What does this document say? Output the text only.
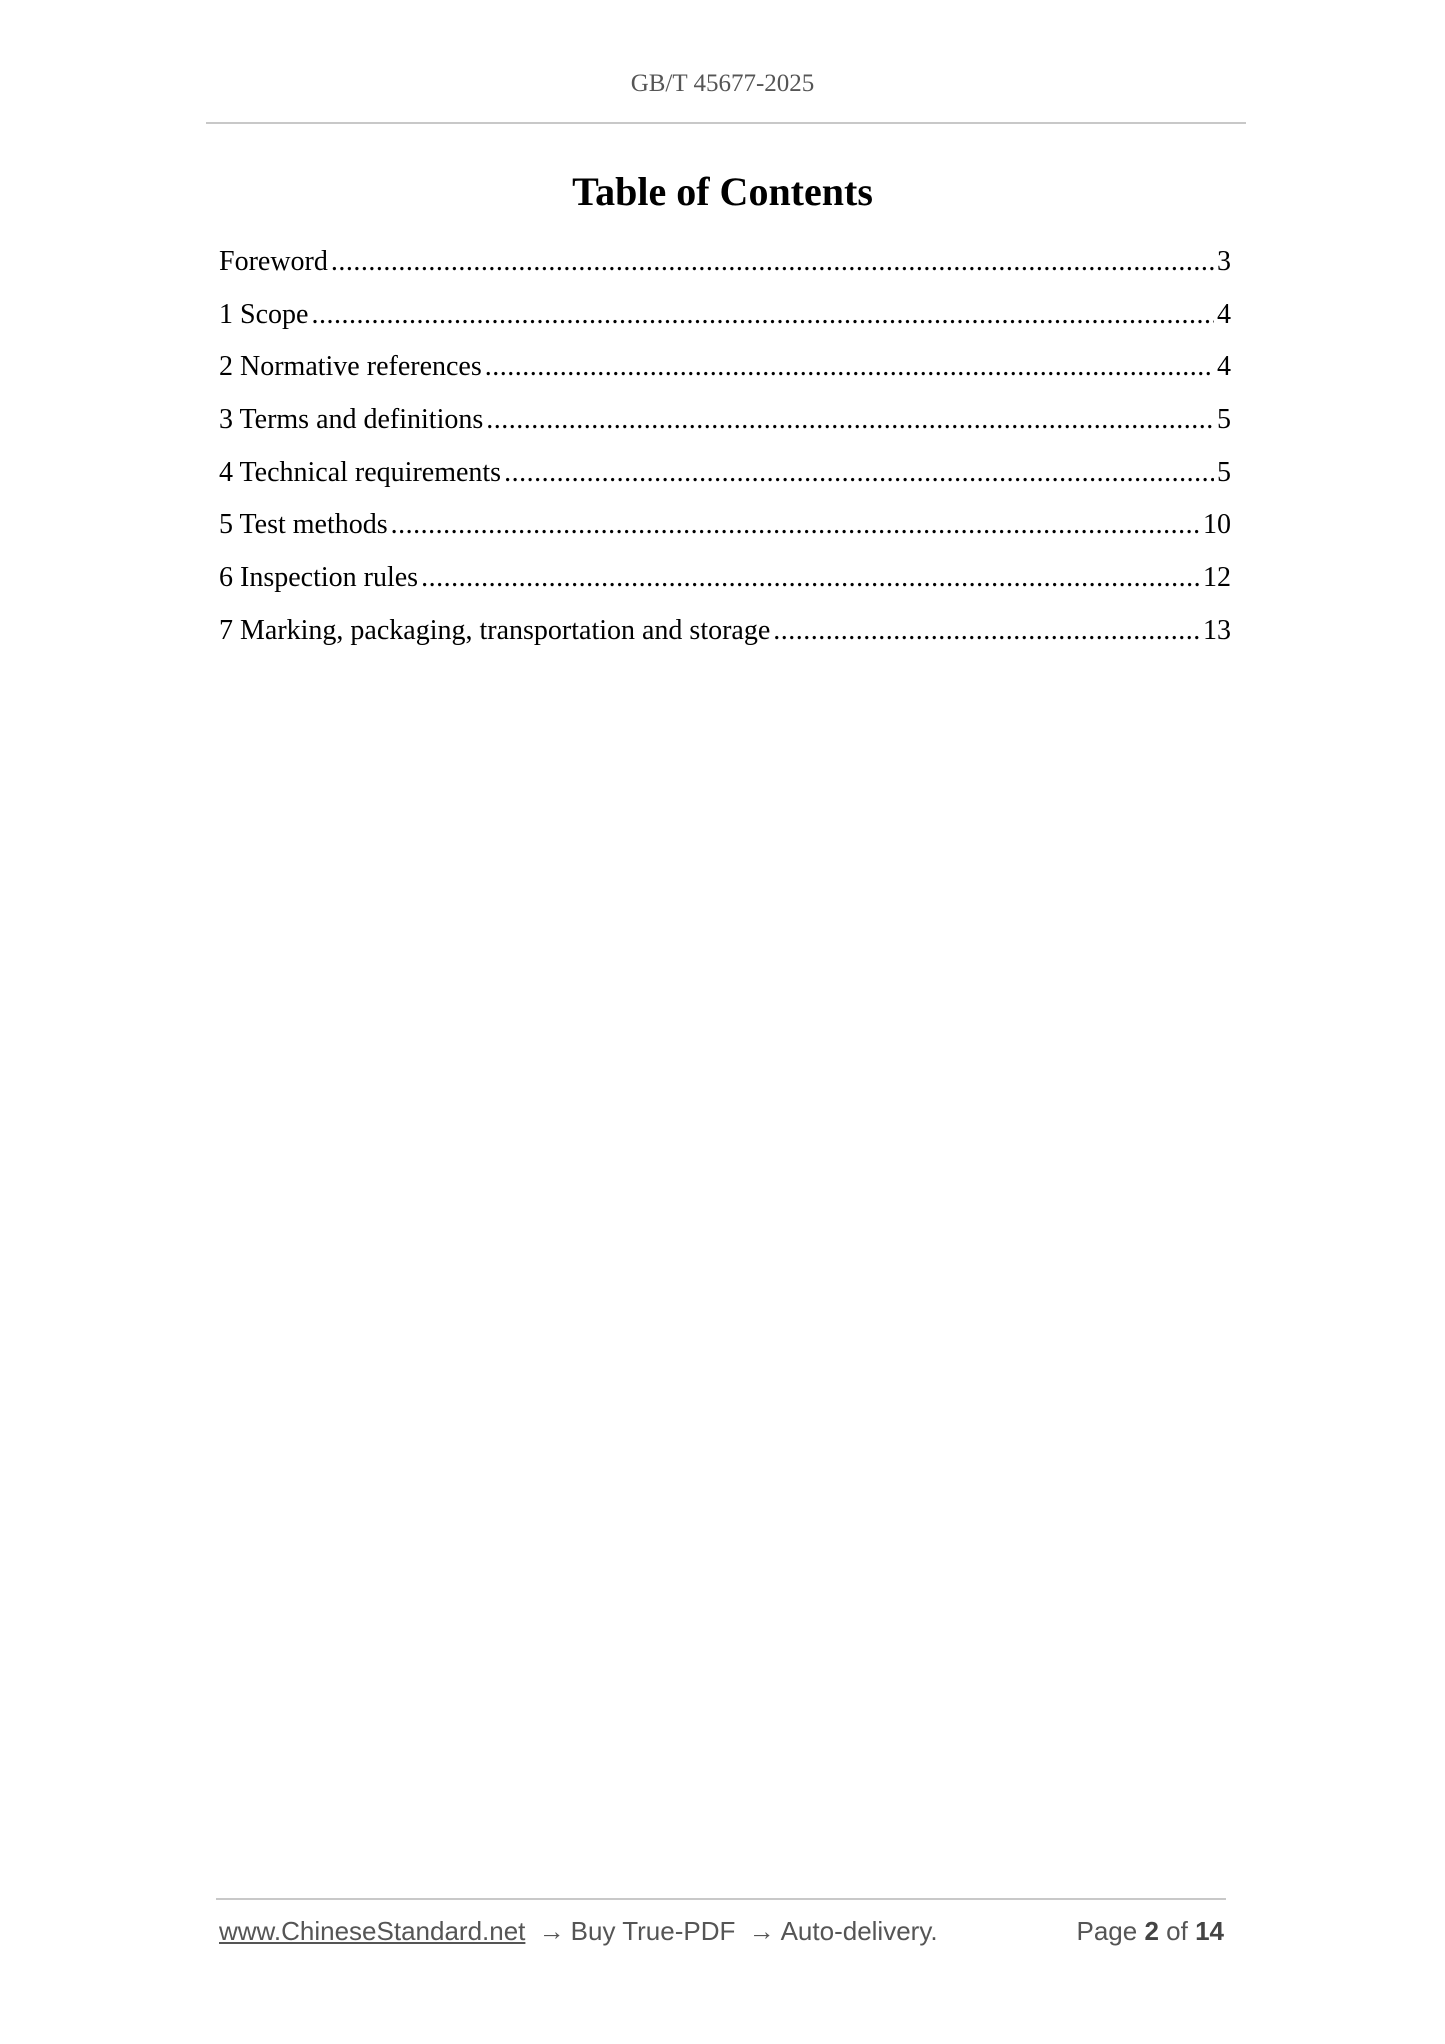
GB/T 45677-2025
Table of Contents
Foreword .....	3
1 Scope .....	4
2 Normative references .....	4
3 Terms and definitions .....	5
4 Technical requirements .....	5
5 Test methods .....	10
6 Inspection rules .....	12
7 Marking, packaging, transportation and storage .....	13
www.ChineseStandard.net → Buy True-PDF → Auto-delivery.	Page 2 of 14
